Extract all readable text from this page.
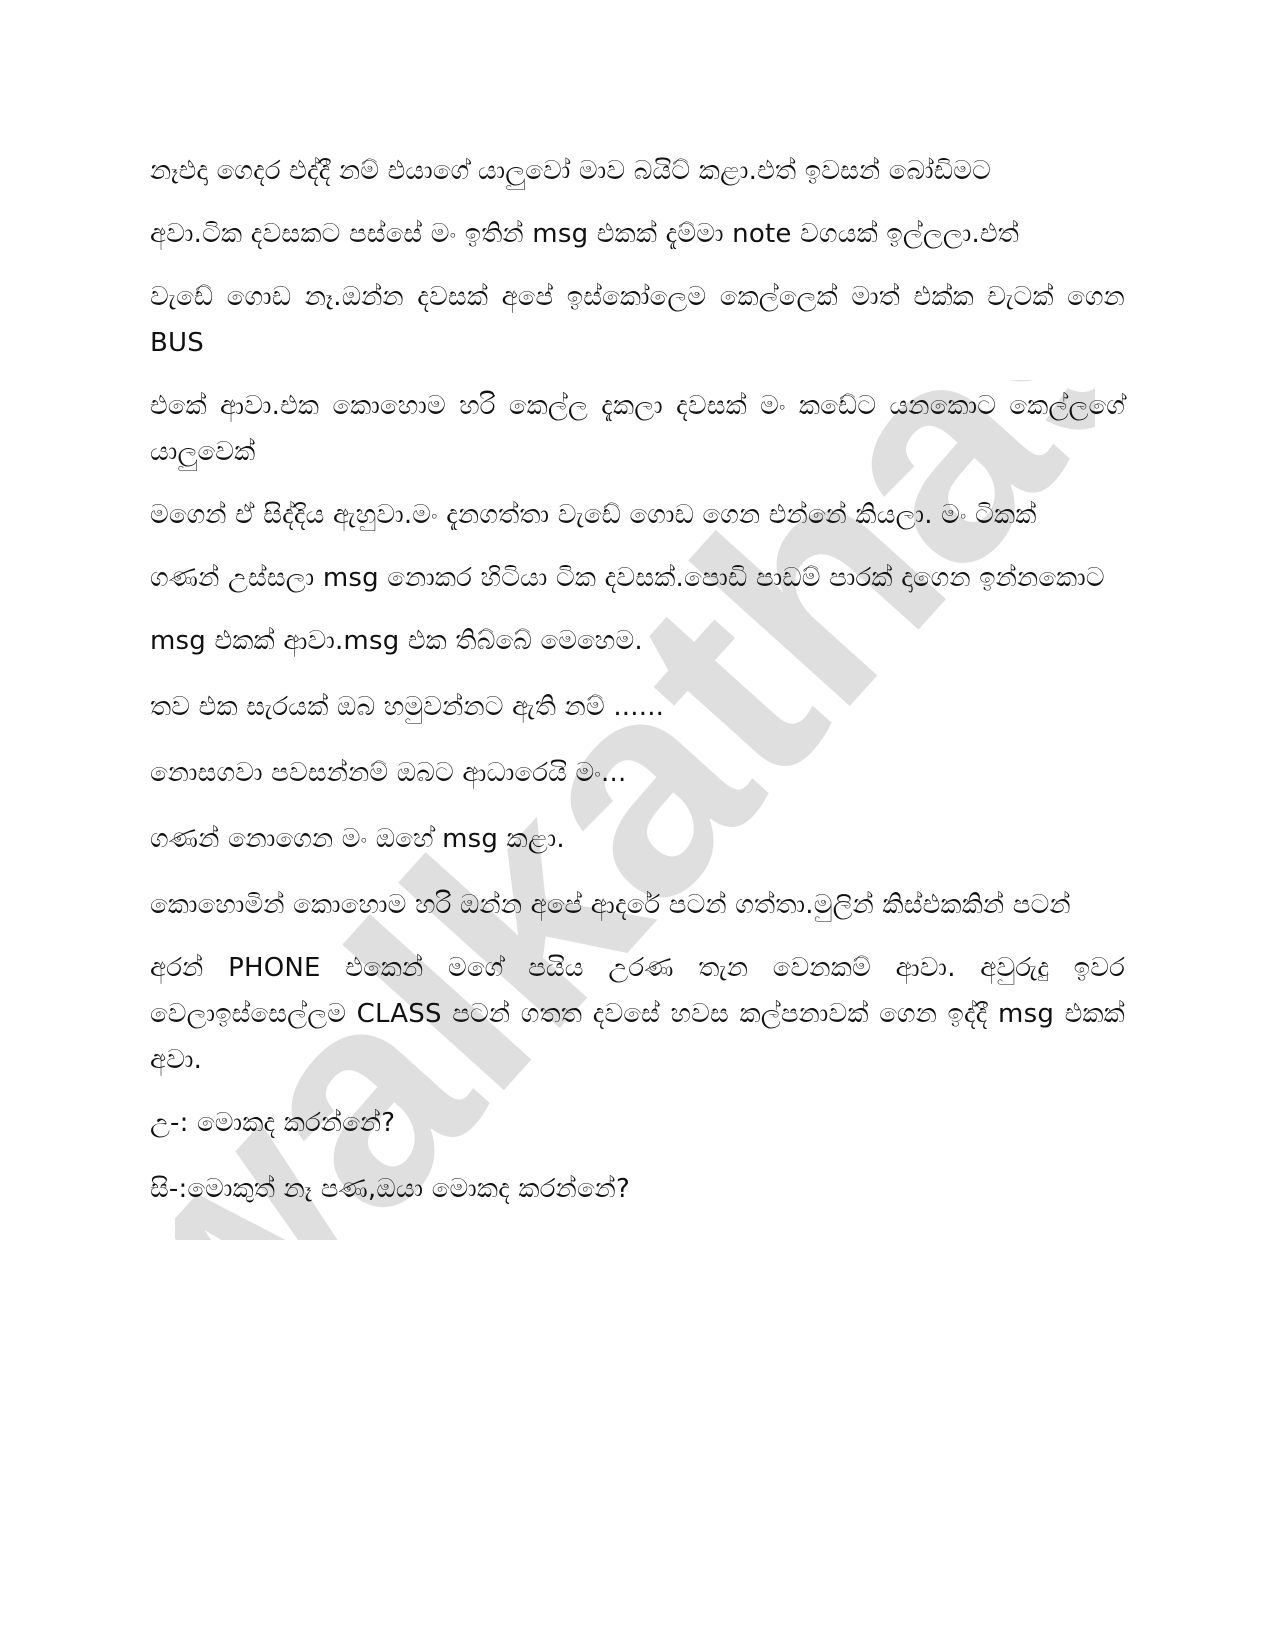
walkatha9

නෑඑදා ගෙදර එද්දී නම් එයාගේ යාලුවෝ මාව බයිට් කළා.එත් ඉවසන් බෝඩිමට

අවා.ටික දවසකට පස්සේ මං ඉතින් msg එකක් දැම්මා note වගයක් ඉල්ලලා.එත්

වැඩේ ගොඩ නෑ.ඔන්න දවසක් අපේ ඉස්කෝලෙම කෙල්ලෙක් මාත් එක්ක චැටක් ගෙන BUS

එකේ ආවා.එක කොහොම හරි කෙල්ල දැකලා දවසක් මං කඩේට යනකොට කෙල්ලගේ යාලුවෙක්

මගෙන් ඒ සිද්දිය ඇහුවා.මං දැනගත්තා වැඩේ ගොඩ ගෙන එන්නේ කියලා. මං ටිකක්

ගණන් උස්සලා msg නොකර හිටියා ටික දවසක්.පොඩි පාඩම් පාරක් දාගෙන ඉන්නකොට

msg එකක් ආවා.msg එක තිබ්බේ මෙහෙම.

තව එක සැරයක් ඔබ හමුවන්නට ඇති නම් ......

නොසගවා පවසන්නම් ඔබට ආධාරෙයි මං...

ගණන් නොගෙන මං ඔහේ msg කළා.

කොහොමින් කොහොම හරි ඔන්න අපේ ආදරේ පටන් ගත්තා.මුලින් කිස්එකකින් පටන්

අරන් PHONE එකෙන් මගේ පයිය උරණ තැන වෙනකම් ආවා. අවුරුදු ඉවර වෙලාඉස්සෙල්ලම CLASS පටන් ගතත දවසේ හවස කල්පනාවක් ගෙන ඉද්දී msg එකක් අවා.

උ-: මොකද කරන්නේ?

සි-:මොකුත් නෑ පණ,ඔයා මොකද කරන්නේ?
